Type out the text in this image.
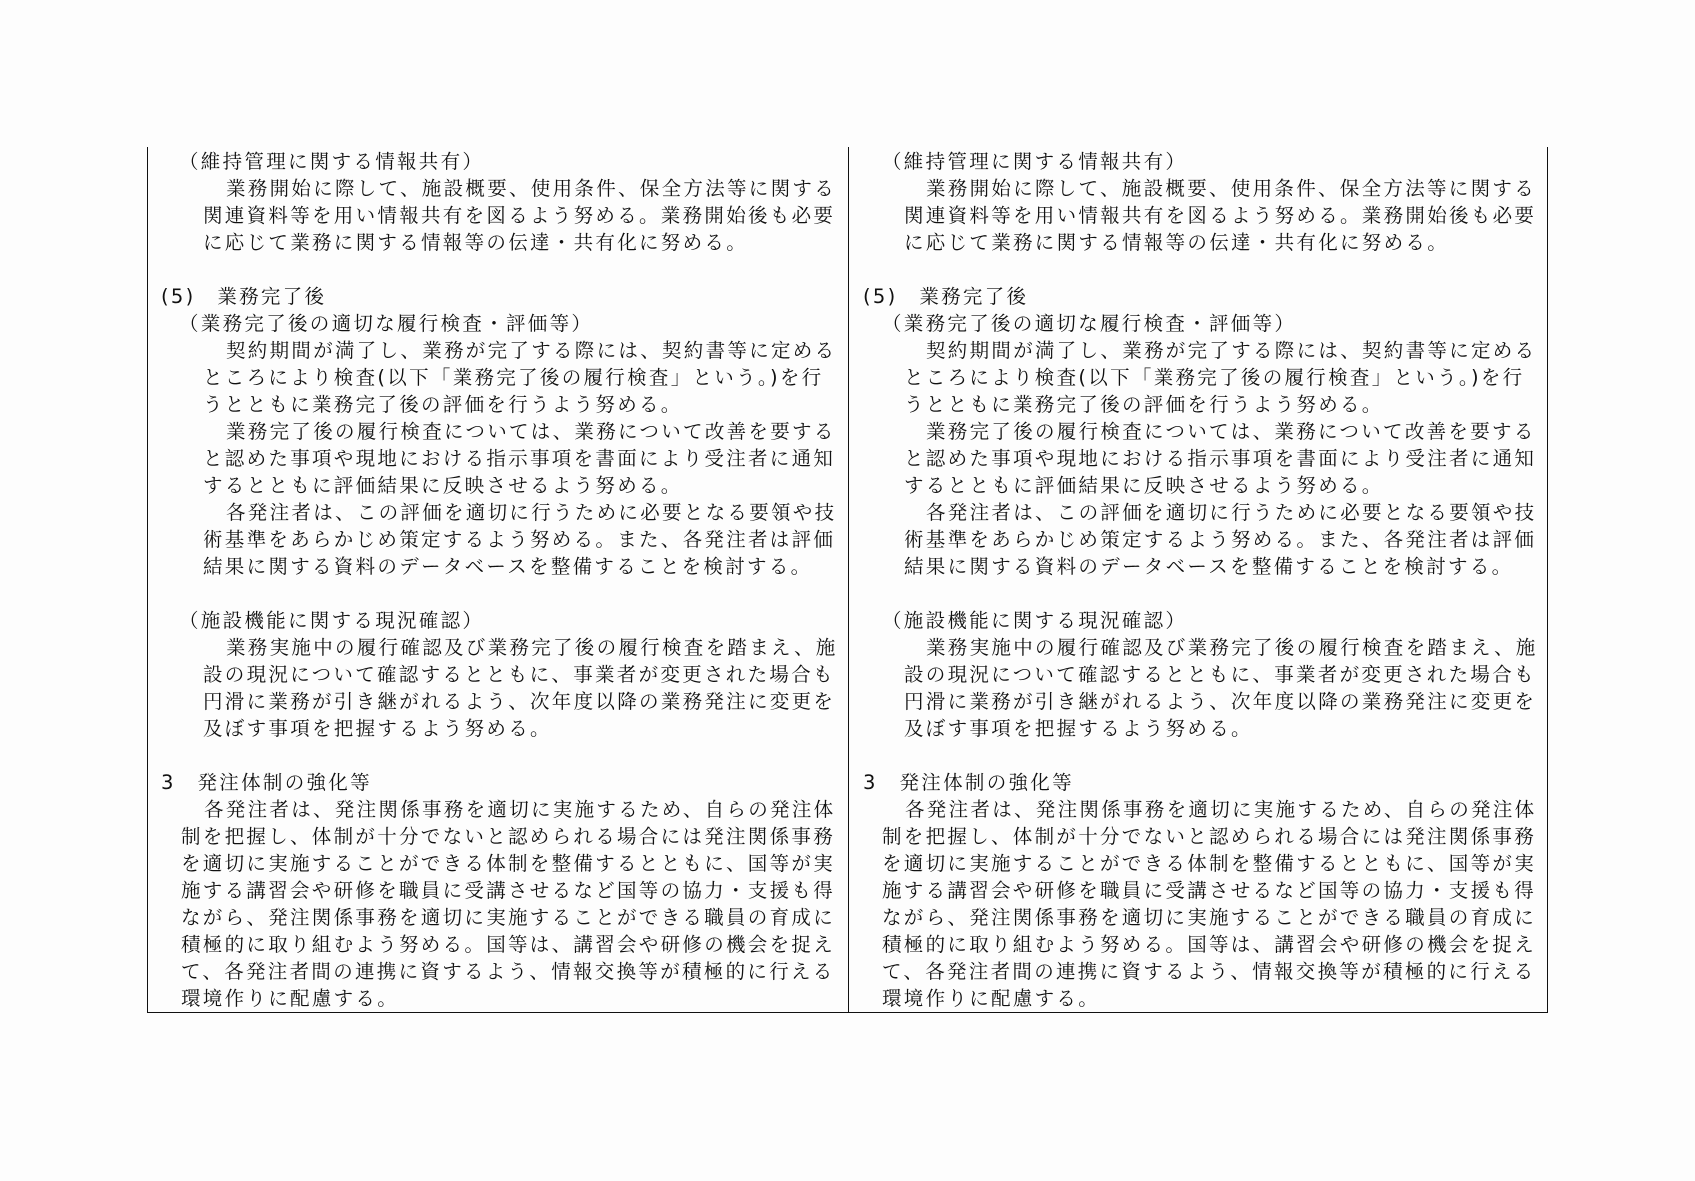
（維持管理に関する情報共有）
業務開始に際して、施設概要、使用条件、保全方法等に関する
関連資料等を用い情報共有を図るよう努める。業務開始後も必要
に応じて業務に関する情報等の伝達・共有化に努める。
(5)　業務完了後
（業務完了後の適切な履行検査・評価等）
契約期間が満了し、業務が完了する際には、契約書等に定める
ところにより検査(以下「業務完了後の履行検査」という。)を行
うとともに業務完了後の評価を行うよう努める。
業務完了後の履行検査については、業務について改善を要する
と認めた事項や現地における指示事項を書面により受注者に通知
するとともに評価結果に反映させるよう努める。
各発注者は、この評価を適切に行うために必要となる要領や技
術基準をあらかじめ策定するよう努める。また、各発注者は評価
結果に関する資料のデータベースを整備することを検討する。
（施設機能に関する現況確認）
業務実施中の履行確認及び業務完了後の履行検査を踏まえ、施
設の現況について確認するとともに、事業者が変更された場合も
円滑に業務が引き継がれるよう、次年度以降の業務発注に変更を
及ぼす事項を把握するよう努める。
3　発注体制の強化等
各発注者は、発注関係事務を適切に実施するため、自らの発注体
制を把握し、体制が十分でないと認められる場合には発注関係事務
を適切に実施することができる体制を整備するとともに、国等が実
施する講習会や研修を職員に受講させるなど国等の協力・支援も得
ながら、発注関係事務を適切に実施することができる職員の育成に
積極的に取り組むよう努める。国等は、講習会や研修の機会を捉え
て、各発注者間の連携に資するよう、情報交換等が積極的に行える
環境作りに配慮する。
（維持管理に関する情報共有）
業務開始に際して、施設概要、使用条件、保全方法等に関する
関連資料等を用い情報共有を図るよう努める。業務開始後も必要
に応じて業務に関する情報等の伝達・共有化に努める。
(5)　業務完了後
（業務完了後の適切な履行検査・評価等）
契約期間が満了し、業務が完了する際には、契約書等に定める
ところにより検査(以下「業務完了後の履行検査」という。)を行
うとともに業務完了後の評価を行うよう努める。
業務完了後の履行検査については、業務について改善を要する
と認めた事項や現地における指示事項を書面により受注者に通知
するとともに評価結果に反映させるよう努める。
各発注者は、この評価を適切に行うために必要となる要領や技
術基準をあらかじめ策定するよう努める。また、各発注者は評価
結果に関する資料のデータベースを整備することを検討する。
（施設機能に関する現況確認）
業務実施中の履行確認及び業務完了後の履行検査を踏まえ、施
設の現況について確認するとともに、事業者が変更された場合も
円滑に業務が引き継がれるよう、次年度以降の業務発注に変更を
及ぼす事項を把握するよう努める。
3　発注体制の強化等
各発注者は、発注関係事務を適切に実施するため、自らの発注体
制を把握し、体制が十分でないと認められる場合には発注関係事務
を適切に実施することができる体制を整備するとともに、国等が実
施する講習会や研修を職員に受講させるなど国等の協力・支援も得
ながら、発注関係事務を適切に実施することができる職員の育成に
積極的に取り組むよう努める。国等は、講習会や研修の機会を捉え
て、各発注者間の連携に資するよう、情報交換等が積極的に行える
環境作りに配慮する。
